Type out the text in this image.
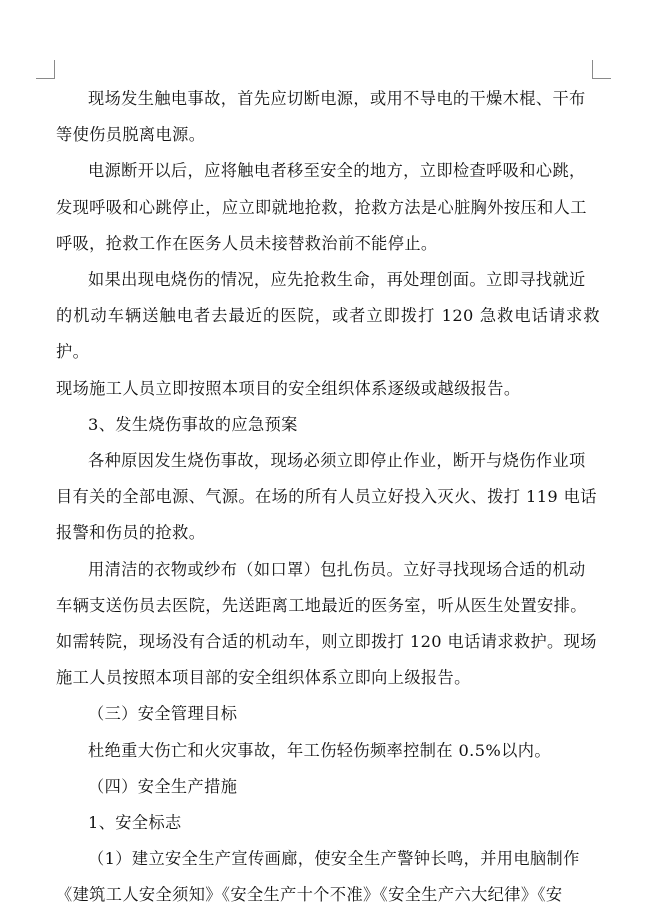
现场发生触电事故，首先应切断电源，或用不导电的干燥木棍、干布

等使伤员脱离电源。

电源断开以后，应将触电者移至安全的地方，立即检查呼吸和心跳，

发现呼吸和心跳停止，应立即就地抢救，抢救方法是心脏胸外按压和人工

呼吸，抢救工作在医务人员未接替救治前不能停止。

如果出现电烧伤的情况，应先抢救生命，再处理创面。立即寻找就近

的机动车辆送触电者去最近的医院，或者立即拨打 120 急救电话请求救护。

现场施工人员立即按照本项目的安全组织体系逐级或越级报告。

3、发生烧伤事故的应急预案

各种原因发生烧伤事故，现场必须立即停止作业，断开与烧伤作业项

目有关的全部电源、气源。在场的所有人员立好投入灭火、拨打 119 电话

报警和伤员的抢救。

用清洁的衣物或纱布（如口罩）包扎伤员。立好寻找现场合适的机动

车辆支送伤员去医院，先送距离工地最近的医务室，听从医生处置安排。

如需转院，现场没有合适的机动车，则立即拨打 120 电话请求救护。现场

施工人员按照本项目部的安全组织体系立即向上级报告。

（三）安全管理目标

杜绝重大伤亡和火灾事故，年工伤轻伤频率控制在 0.5%以内。

（四）安全生产措施

1、安全标志

（1）建立安全生产宣传画廊，使安全生产警钟长鸣，并用电脑制作

《建筑工人安全须知》《安全生产十个不准》《安全生产六大纪律》《安
